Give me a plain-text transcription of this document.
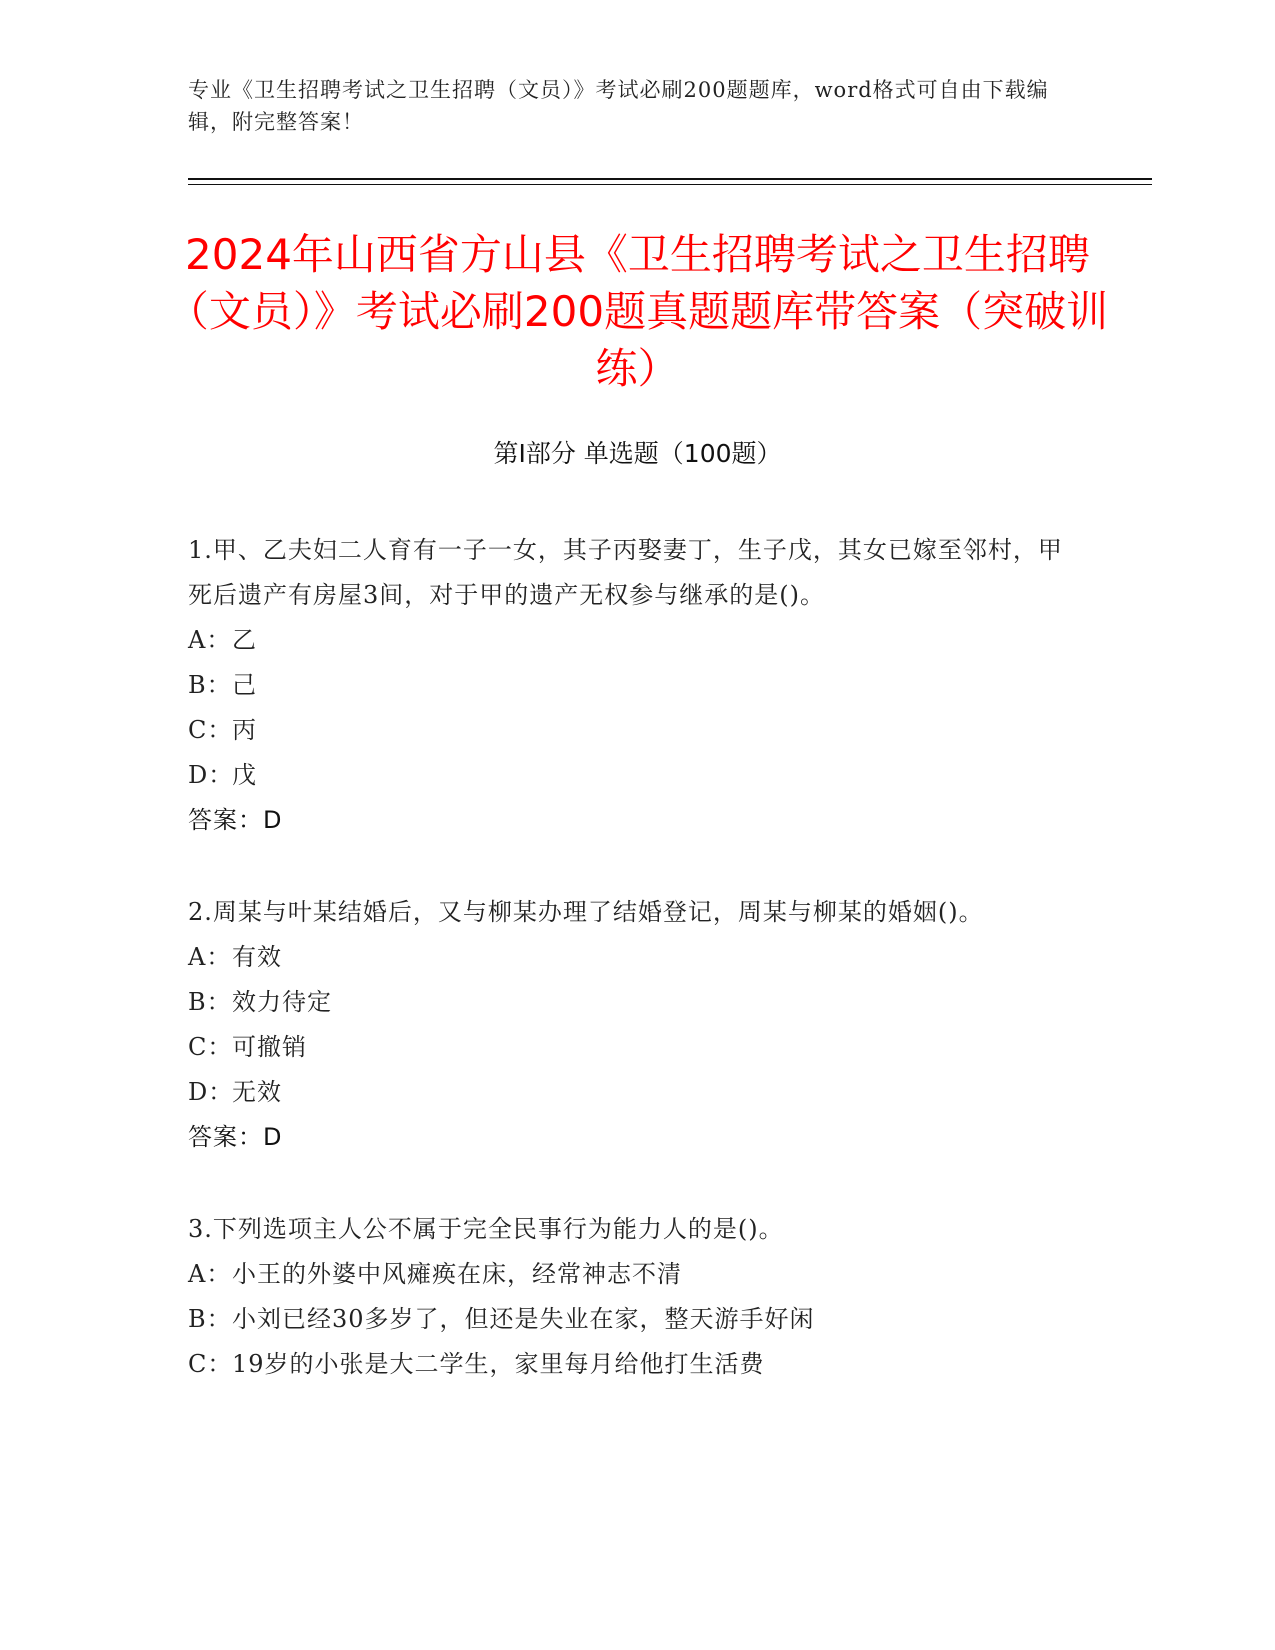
专业《卫生招聘考试之卫生招聘（文员）》考试必刷200题题库，word格式可自由下载编辑，附完整答案！
2024年山西省方山县《卫生招聘考试之卫生招聘（文员）》考试必刷200题真题题库带答案（突破训练）
第Ⅰ部分 单选题（100题）

1.甲、乙夫妇二人育有一子一女，其子丙娶妻丁，生子戊，其女已嫁至邻村，甲死后遗产有房屋3间，对于甲的遗产无权参与继承的是()。

A：乙

B：己

C：丙

D：戊

答案：D

2.周某与叶某结婚后，又与柳某办理了结婚登记，周某与柳某的婚姻()。

A：有效

B：效力待定

C：可撤销

D：无效

答案：D

3.下列选项主人公不属于完全民事行为能力人的是()。

A：小王的外婆中风瘫痪在床，经常神志不清

B：小刘已经30多岁了，但还是失业在家，整天游手好闲

C：19岁的小张是大二学生，家里每月给他打生活费
